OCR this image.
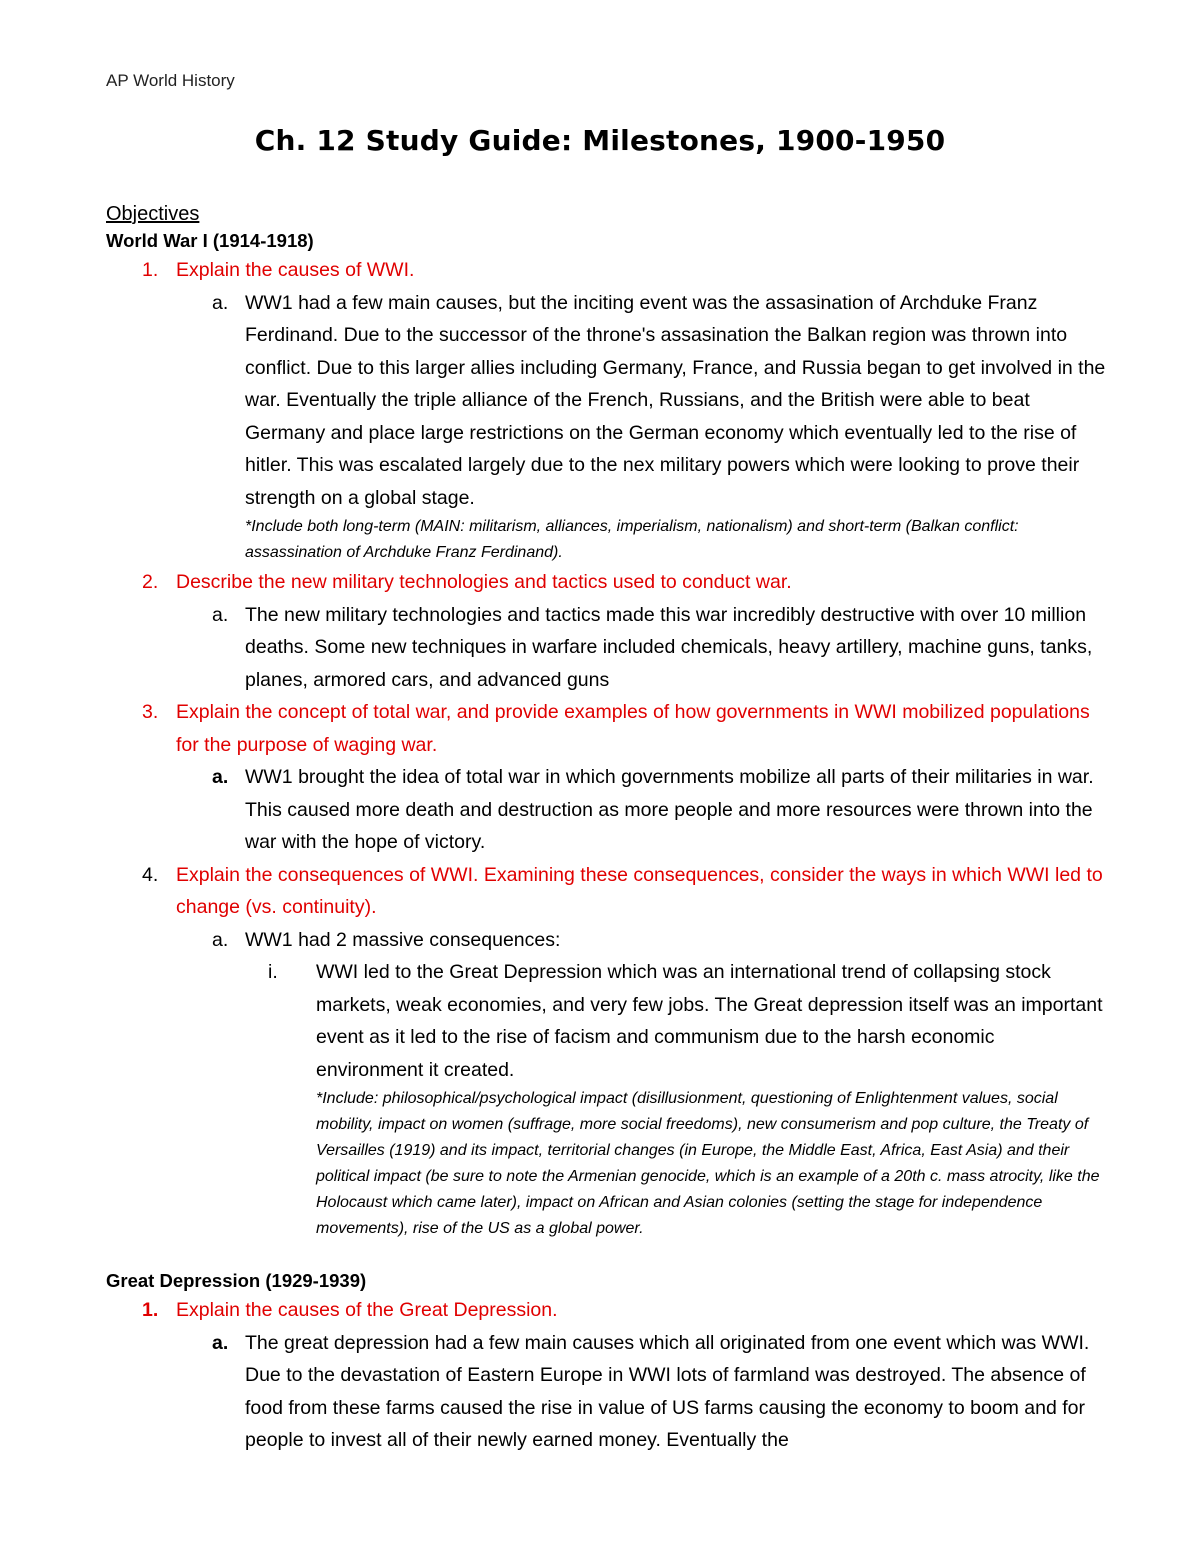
AP World History
Ch. 12 Study Guide: Milestones, 1900-1950
Objectives
World War I (1914-1918)
1. Explain the causes of WWI.
a. WW1 had a few main causes, but the inciting event was the assasination of Archduke Franz Ferdinand. Due to the successor of the throne's assasination the Balkan region was thrown into conflict. Due to this larger allies including Germany, France, and Russia began to get involved in the war. Eventually the triple alliance of the French, Russians, and the British were able to beat Germany and place large restrictions on the German economy which eventually led to the rise of hitler. This was escalated largely due to the nex military powers which were looking to prove their strength on a global stage.
*Include both long-term (MAIN: militarism, alliances, imperialism, nationalism) and short-term (Balkan conflict: assassination of Archduke Franz Ferdinand).
2. Describe the new military technologies and tactics used to conduct war.
a. The new military technologies and tactics made this war incredibly destructive with over 10 million deaths. Some new techniques in warfare included chemicals, heavy artillery, machine guns, tanks, planes, armored cars, and advanced guns
3. Explain the concept of total war, and provide examples of how governments in WWI mobilized populations for the purpose of waging war.
a. WW1 brought the idea of total war in which governments mobilize all parts of their militaries in war. This caused more death and destruction as more people and more resources were thrown into the war with the hope of victory.
4. Explain the consequences of WWI. Examining these consequences, consider the ways in which WWI led to change (vs. continuity).
a. WW1 had 2 massive consequences:
i. WWI led to the Great Depression which was an international trend of collapsing stock markets, weak economies, and very few jobs. The Great depression itself was an important event as it led to the rise of facism and communism due to the harsh economic environment it created.
*Include: philosophical/psychological impact (disillusionment, questioning of Enlightenment values, social mobility, impact on women (suffrage, more social freedoms), new consumerism and pop culture, the Treaty of Versailles (1919) and its impact, territorial changes (in Europe, the Middle East, Africa, East Asia) and their political impact (be sure to note the Armenian genocide, which is an example of a 20th c. mass atrocity, like the Holocaust which came later), impact on African and Asian colonies (setting the stage for independence movements), rise of the US as a global power.
Great Depression (1929-1939)
1. Explain the causes of the Great Depression.
a. The great depression had a few main causes which all originated from one event which was WWI. Due to the devastation of Eastern Europe in WWI lots of farmland was destroyed. The absence of food from these farms caused the rise in value of US farms causing the economy to boom and for people to invest all of their newly earned money. Eventually the
